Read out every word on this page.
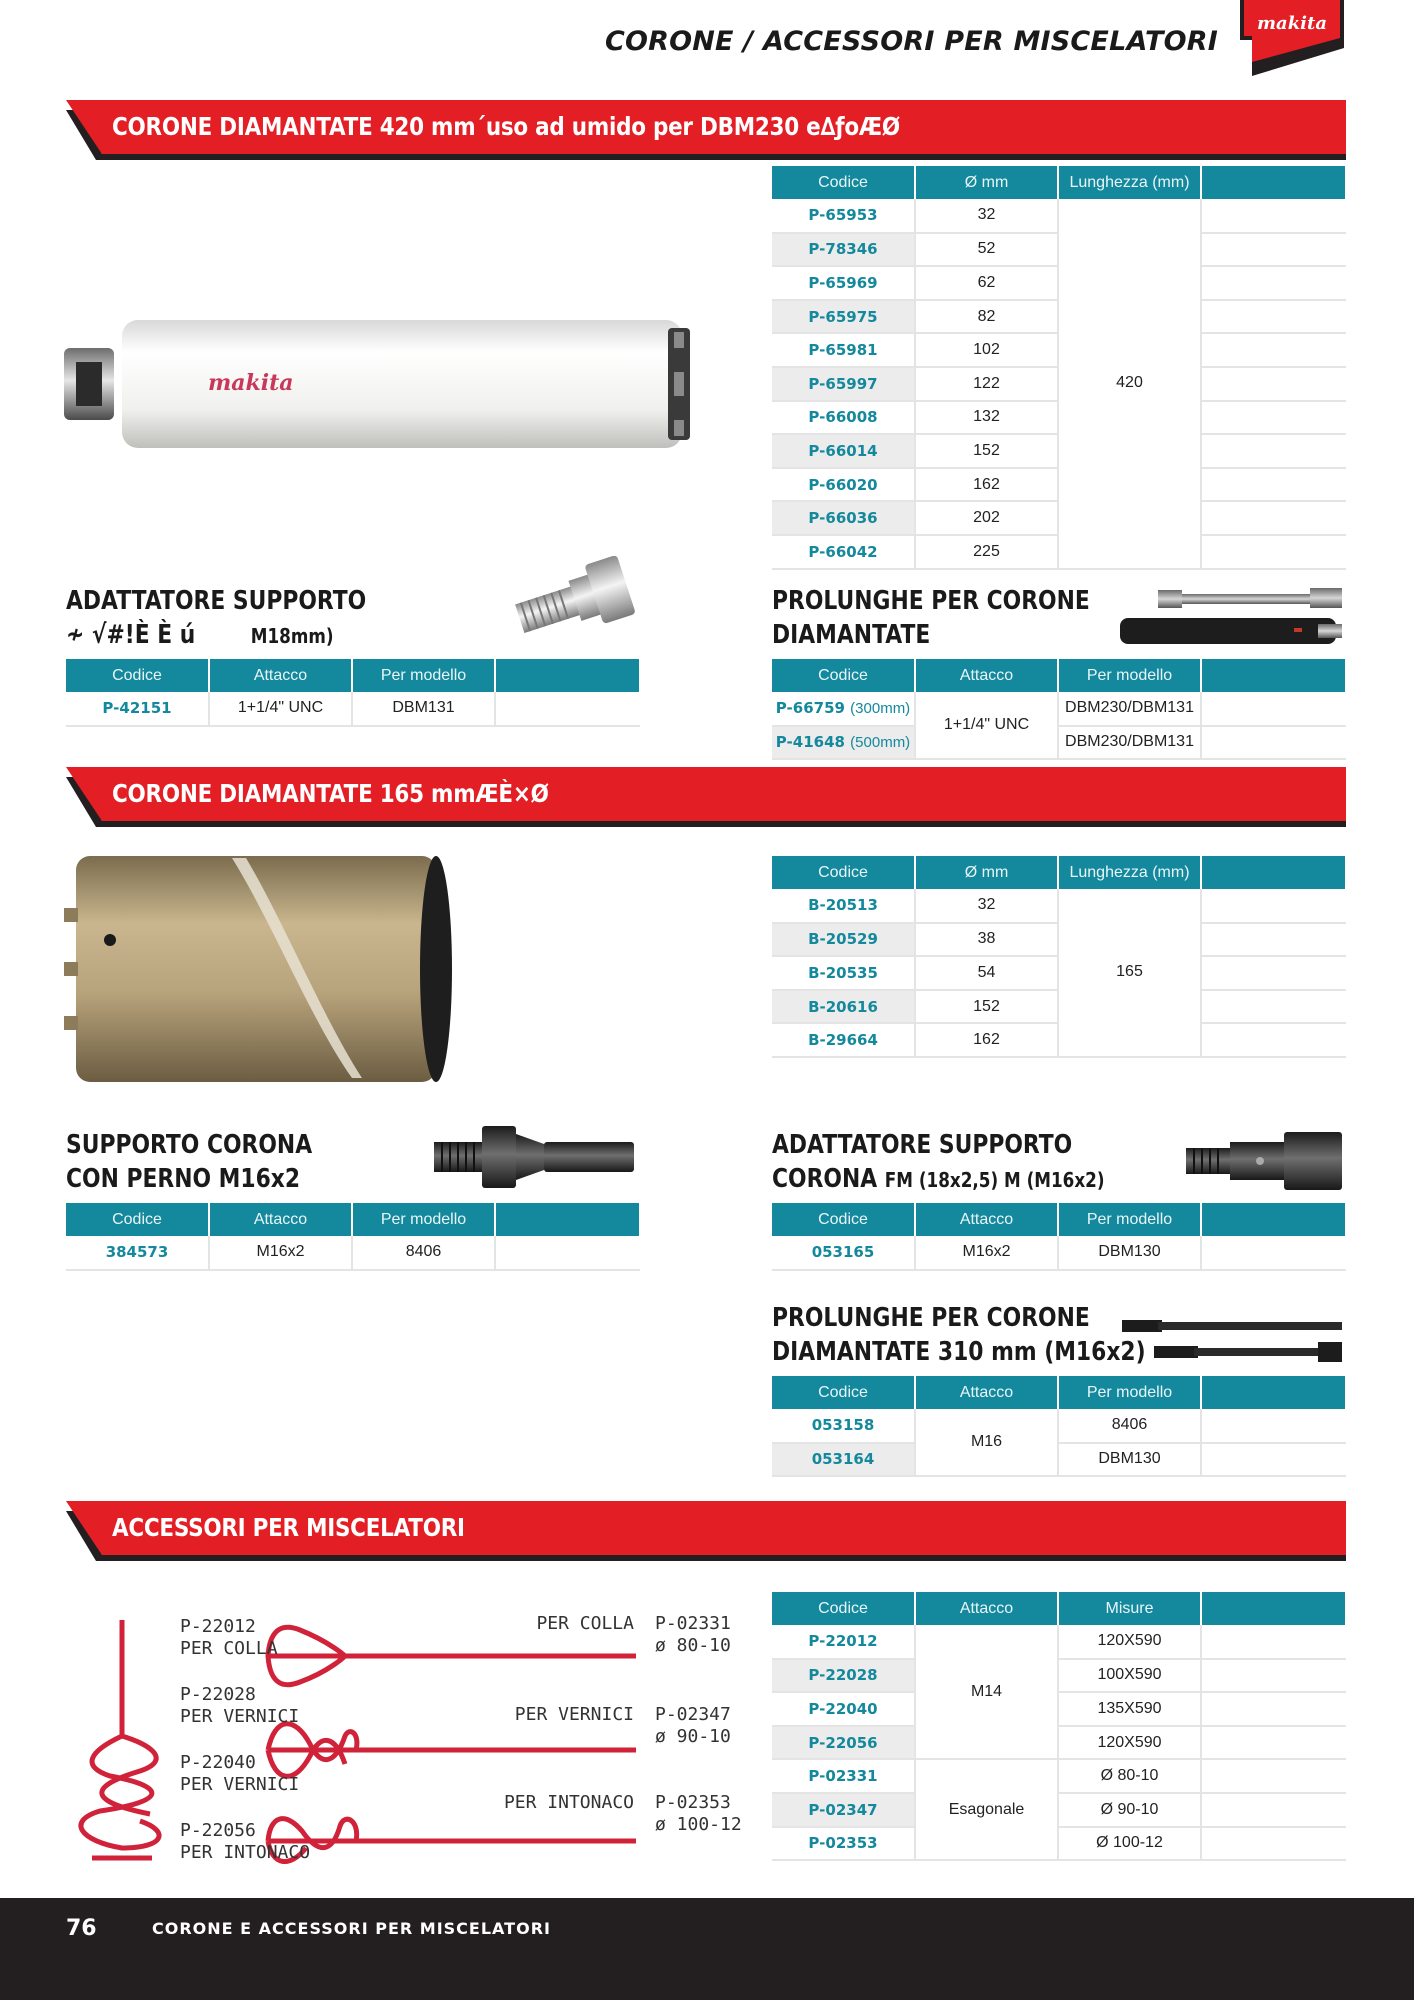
CORONE / ACCESSORI PER MISCELATORI
makita
CORONE DIAMANTATE 420 mm´uso ad umido per DBM230 e∆ƒoÆØ
makita
Codice	Ø mm	Lunghezza (mm)	
P-65953	32	420	
P-78346	52		
P-65969	62		
P-65975	82		
P-65981	102		
P-65997	122		
P-66008	132		
P-66014	152		
P-66020	162		
P-66036	202		
P-66042	225		
ADATTATORE SUPPORTO
≁ √#!È È ú	M18mm)
Codice	Attacco	Per modello	
P-42151	1+1/4" UNC	DBM131	
PROLUNGHE PER CORONE
DIAMANTATE
Codice	Attacco	Per modello	
P-66759 (300mm)	1+1/4" UNC	DBM230/DBM131	
P-41648 (500mm)		DBM230/DBM131	
CORONE DIAMANTATE 165 mmÆÈ×Ø
Codice	Ø mm	Lunghezza (mm)	
B-20513	32	165	
B-20529	38		
B-20535	54		
B-20616	152		
B-29664	162		
SUPPORTO CORONA
CON PERNO M16x2
Codice	Attacco	Per modello	
384573	M16x2	8406	
ADATTATORE SUPPORTO
CORONA FM (18x2,5) M (M16x2)
Codice	Attacco	Per modello	
053165	M16x2	DBM130	
PROLUNGHE PER CORONE
DIAMANTATE 310 mm (M16x2)
Codice	Attacco	Per modello	
053158	M16	8406	
053164		DBM130	
ACCESSORI PER MISCELATORI
P-22012
PER COLLA
P-22028
PER VERNICI
P-22040
PER VERNICI
P-22056
PER INTONACO
PER COLLA P-02331
ø 80-10
PER VERNICI P-02347
ø 90-10
PER INTONACO P-02353
ø 100-12
Codice	Attacco	Misure	
P-22012	M14	120X590	
P-22028		100X590	
P-22040		135X590	
P-22056		120X590	
P-02331	Esagonale	Ø 80-10	
P-02347		Ø 90-10	
P-02353		Ø 100-12	
76	CORONE E ACCESSORI PER MISCELATORI
